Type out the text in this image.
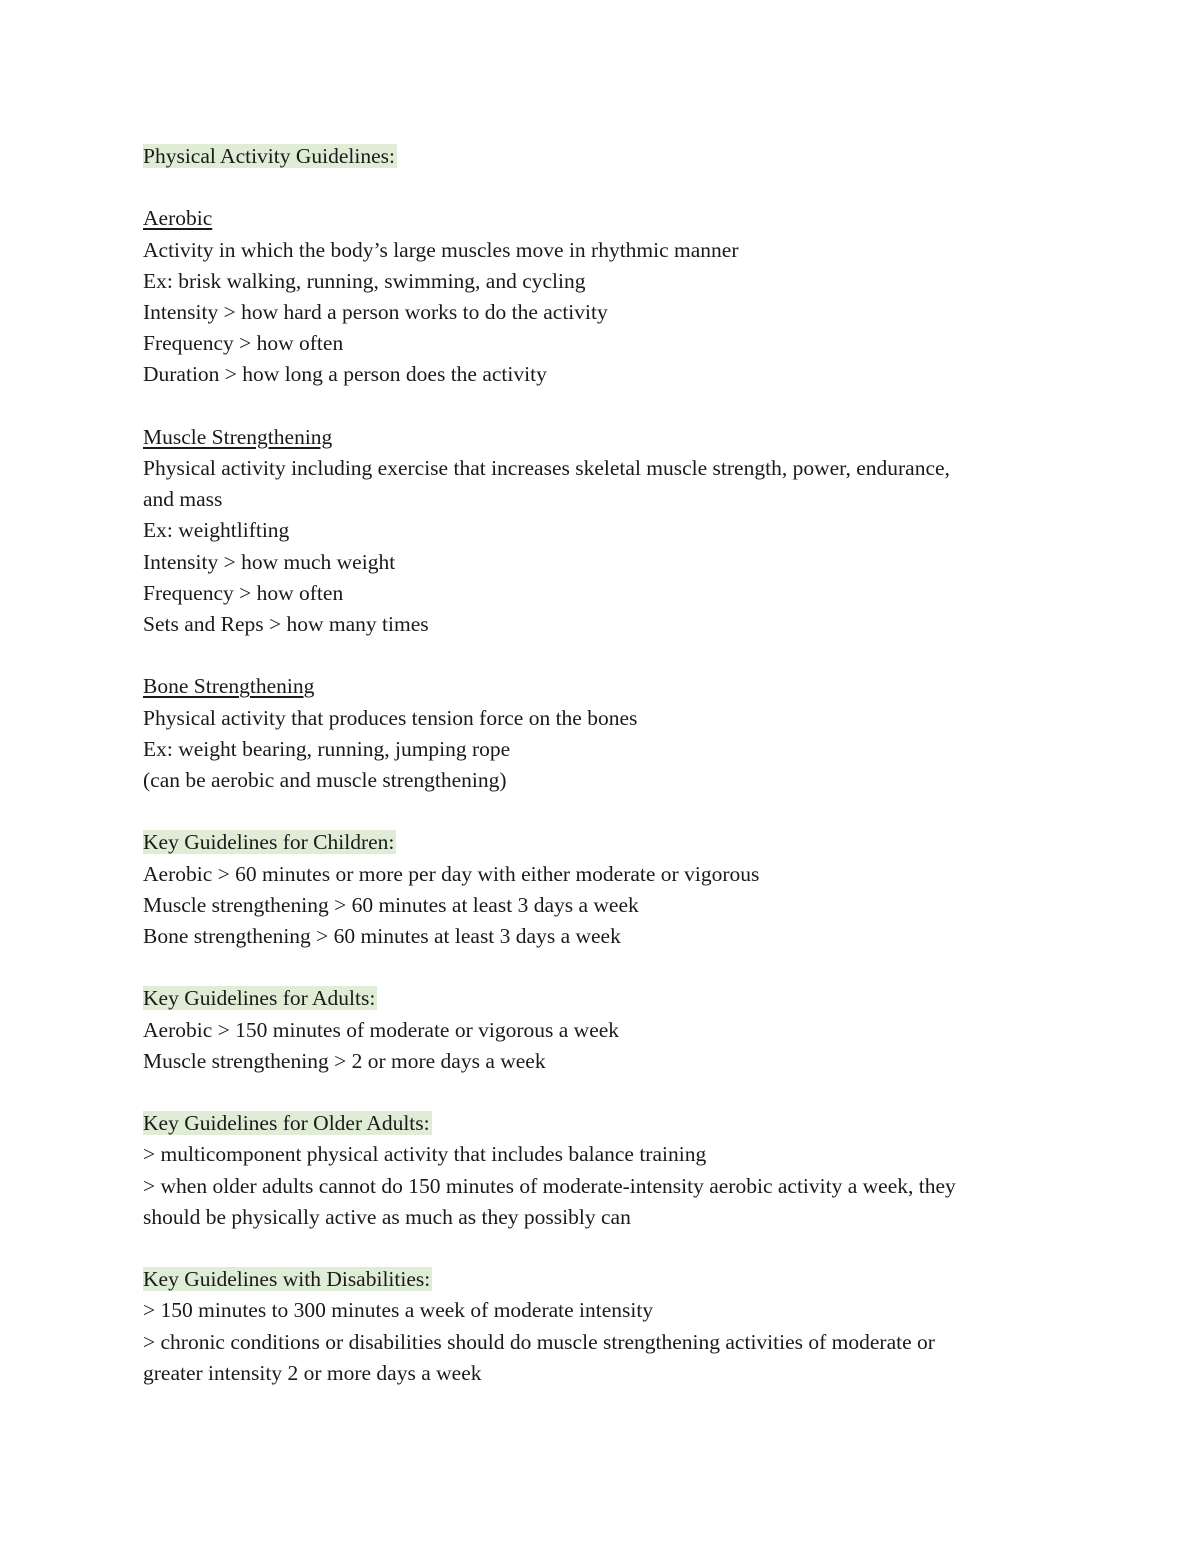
Physical Activity Guidelines:
Aerobic
Activity in which the body’s large muscles move in rhythmic manner
Ex: brisk walking, running, swimming, and cycling
Intensity > how hard a person works to do the activity
Frequency > how often
Duration > how long a person does the activity
Muscle Strengthening
Physical activity including exercise that increases skeletal muscle strength, power, endurance,
and mass
Ex: weightlifting
Intensity > how much weight
Frequency > how often
Sets and Reps > how many times
Bone Strengthening
Physical activity that produces tension force on the bones
Ex: weight bearing, running, jumping rope
(can be aerobic and muscle strengthening)
Key Guidelines for Children:
Aerobic > 60 minutes or more per day with either moderate or vigorous
Muscle strengthening > 60 minutes at least 3 days a week
Bone strengthening > 60 minutes at least 3 days a week
Key Guidelines for Adults:
Aerobic > 150 minutes of moderate or vigorous a week
Muscle strengthening > 2 or more days a week
Key Guidelines for Older Adults:
> multicomponent physical activity that includes balance training
> when older adults cannot do 150 minutes of moderate-intensity aerobic activity a week, they
should be physically active as much as they possibly can
Key Guidelines with Disabilities:
> 150 minutes to 300 minutes a week of moderate intensity
> chronic conditions or disabilities should do muscle strengthening activities of moderate or
greater intensity 2 or more days a week
